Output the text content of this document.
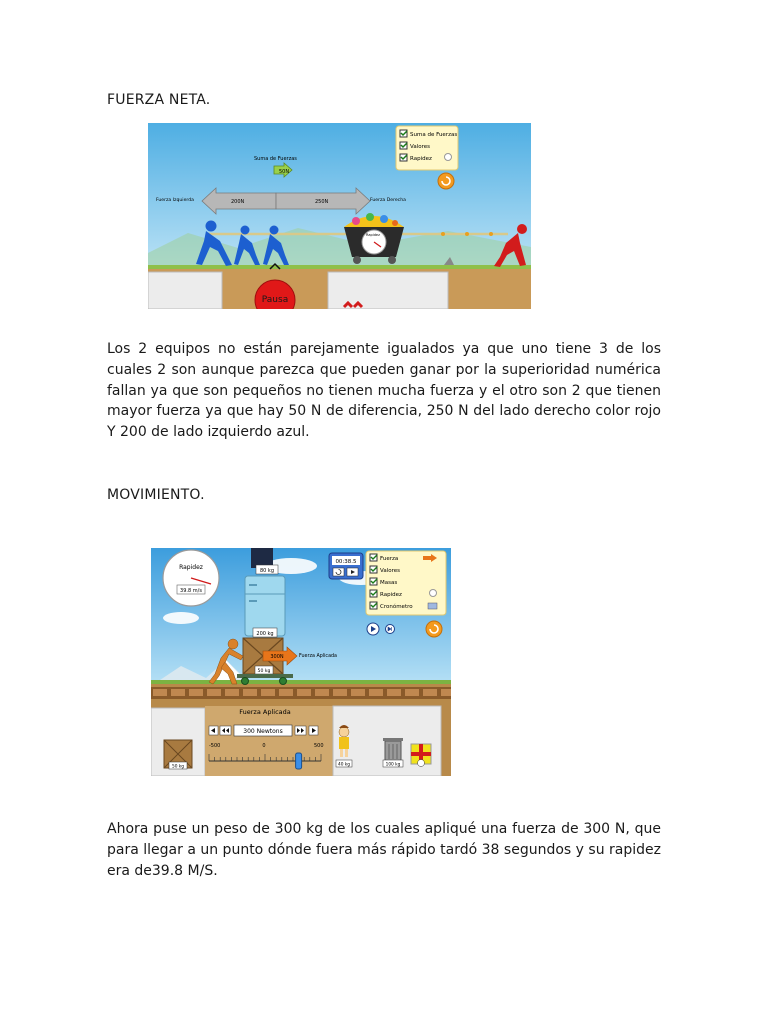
FUERZA NETA.
Suma de Fuerzas
Valores
Rapidez
Suma de Fuerzas
50N
Fuerza Izquierda	Fuerza Derecha
200N	250N
Rapidez
Pausa

Los 2 equipos no están parejamente igualados ya que uno tiene 3 de los cuales 2 son aunque parezca que pueden ganar por la superioridad numérica fallan ya que son pequeños no tienen mucha fuerza y el otro son 2 que tienen mayor fuerza ya que hay 50 N de diferencia, 250 N del lado derecho color rojo Y 200 de lado izquierdo azul.

MOVIMIENTO.
Rapidez
39.8 m/s
00:38.5	Fuerza
Valores
Masas
Rapidez
Cronómetro
80 kg
200 kg
50 kg
300N	Fuerza Aplicada
50 kg
Fuerza Aplicada
300 Newtons
-500	0	500
40 kg	100 kg

Ahora puse un peso de 300 kg de los cuales apliqué una fuerza de 300 N, que para llegar a un punto dónde fuera más rápido tardó 38 segundos y su rapidez era de39.8 M/S.
